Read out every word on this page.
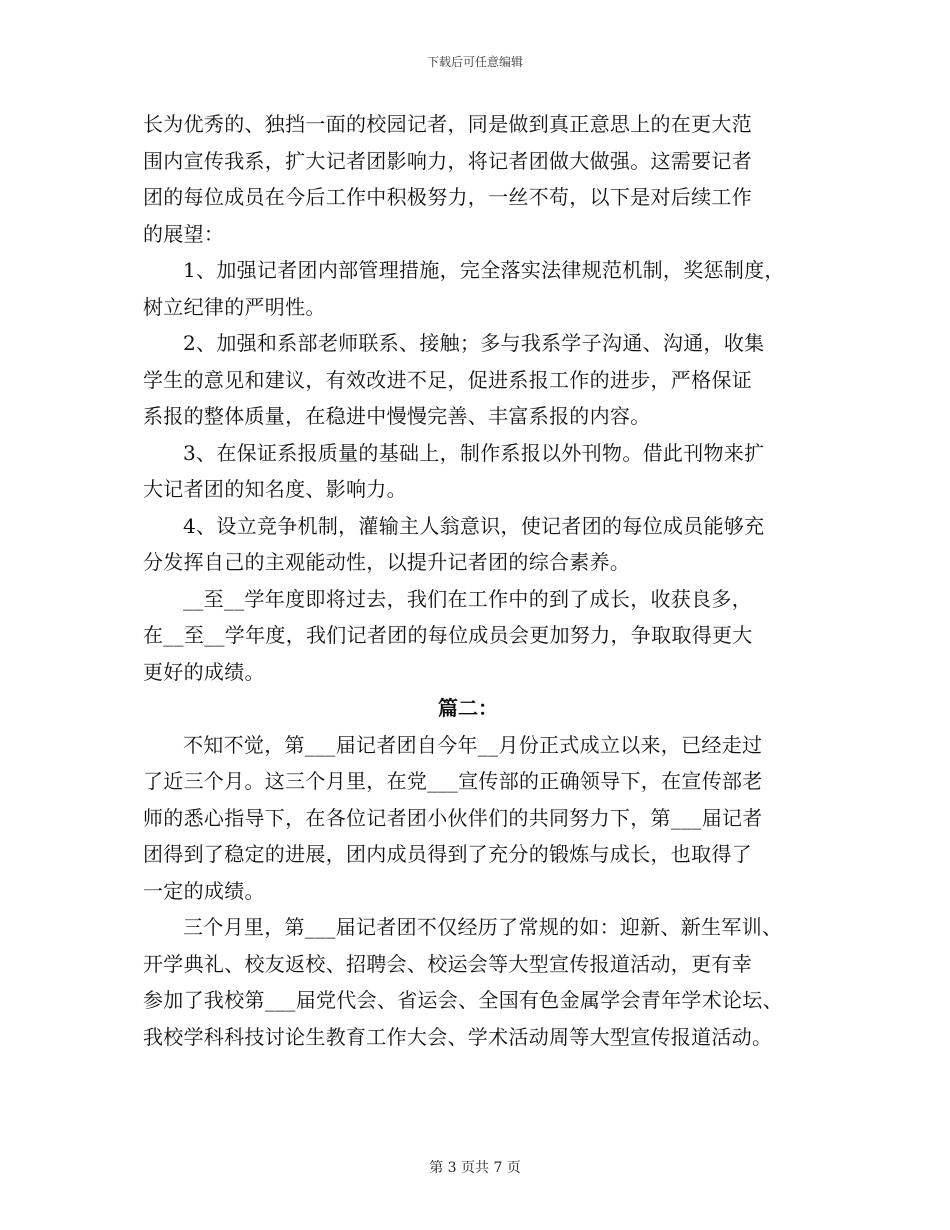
下载后可任意编辑
长为优秀的、独挡一面的校园记者，同是做到真正意思上的在更大范
围内宣传我系，扩大记者团影响力，将记者团做大做强。这需要记者
团的每位成员在今后工作中积极努力，一丝不苟，以下是对后续工作
的展望：
1、加强记者团内部管理措施，完全落实法律规范机制，奖惩制度，
树立纪律的严明性。
2、加强和系部老师联系、接触；多与我系学子沟通、沟通，收集
学生的意见和建议，有效改进不足，促进系报工作的进步，严格保证
系报的整体质量，在稳进中慢慢完善、丰富系报的内容。
3、在保证系报质量的基础上，制作系报以外刊物。借此刊物来扩
大记者团的知名度、影响力。
4、设立竞争机制，灌输主人翁意识，使记者团的每位成员能够充
分发挥自己的主观能动性，以提升记者团的综合素养。
__至__学年度即将过去，我们在工作中的到了成长，收获良多，
在__至__学年度，我们记者团的每位成员会更加努力，争取取得更大
更好的成绩。
篇二：
不知不觉，第___届记者团自今年__月份正式成立以来，已经走过
了近三个月。这三个月里，在党___宣传部的正确领导下，在宣传部老
师的悉心指导下，在各位记者团小伙伴们的共同努力下，第___届记者
团得到了稳定的进展，团内成员得到了充分的锻炼与成长，也取得了
一定的成绩。
三个月里，第___届记者团不仅经历了常规的如：迎新、新生军训、
开学典礼、校友返校、招聘会、校运会等大型宣传报道活动，更有幸
参加了我校第___届党代会、省运会、全国有色金属学会青年学术论坛、
我校学科科技讨论生教育工作大会、学术活动周等大型宣传报道活动。
第 3 页共 7 页
